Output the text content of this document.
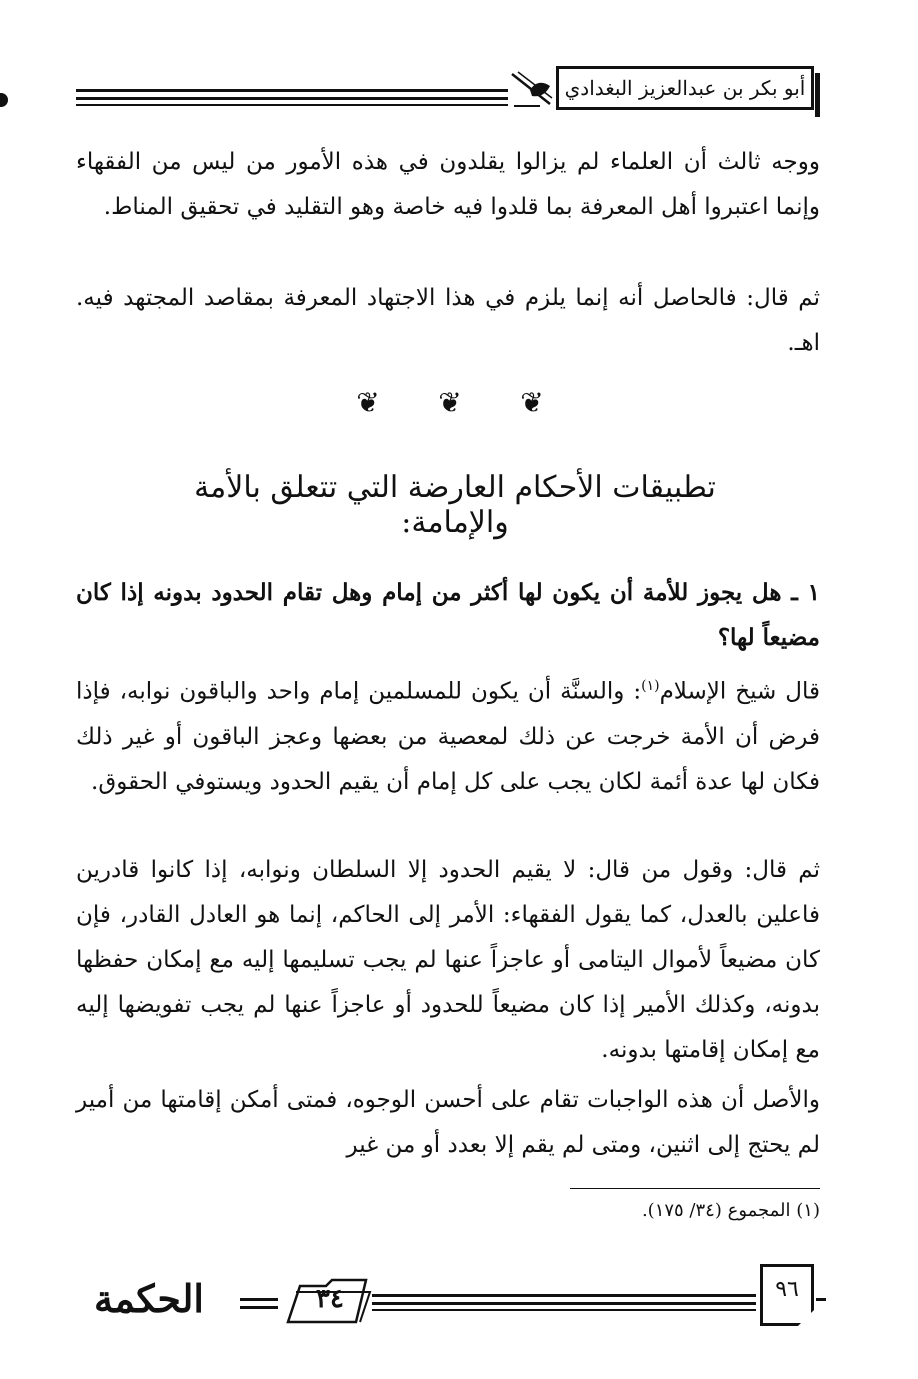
أبو بكر بن عبدالعزيز البغدادي
ووجه ثالث أن العلماء لم يزالوا يقلدون في هذه الأمور من ليس من الفقهاء وإنما اعتبروا أهل المعرفة بما قلدوا فيه خاصة وهو التقليد في تحقيق المناط.
ثم قال: فالحاصل أنه إنما يلزم في هذا الاجتهاد المعرفة بمقاصد المجتهد فيه. اهـ.
❦	❦	❦
تطبيقات الأحكام العارضة التي تتعلق بالأمة والإمامة:
١ ـ هل يجوز للأمة أن يكون لها أكثر من إمام وهل تقام الحدود بدونه إذا كان مضيعاً لها؟
قال شيخ الإسلام$^{(١)}$: والسنَّة أن يكون للمسلمين إمام واحد والباقون نوابه، فإذا فرض أن الأمة خرجت عن ذلك لمعصية من بعضها وعجز الباقون أو غير ذلك فكان لها عدة أئمة لكان يجب على كل إمام أن يقيم الحدود ويستوفي الحقوق.
ثم قال: وقول من قال: لا يقيم الحدود إلا السلطان ونوابه، إذا كانوا قادرين فاعلين بالعدل، كما يقول الفقهاء: الأمر إلى الحاكم، إنما هو العادل القادر، فإن كان مضيعاً لأموال اليتامى أو عاجزاً عنها لم يجب تسليمها إليه مع إمكان حفظها بدونه، وكذلك الأمير إذا كان مضيعاً للحدود أو عاجزاً عنها لم يجب تفويضها إليه مع إمكان إقامتها بدونه.
والأصل أن هذه الواجبات تقام على أحسن الوجوه، فمتى أمكن إقامتها من أمير لم يحتج إلى اثنين، ومتى لم يقم إلا بعدد أو من غير
(١) المجموع (٣٤/ ١٧٥).
الحكمة	٣٤	٩٦
